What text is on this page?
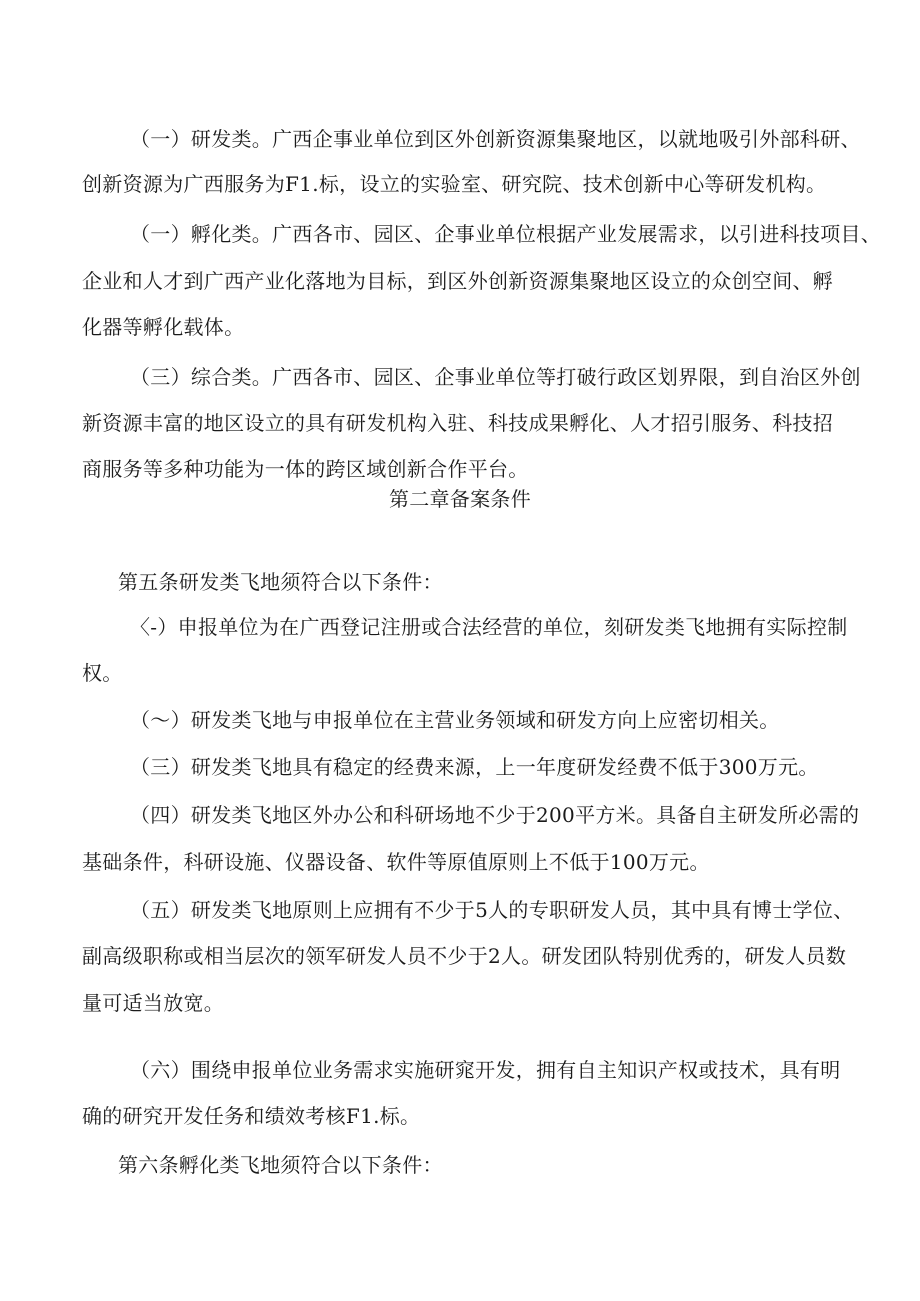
（一）研发类。广西企事业单位到区外创新资源集聚地区，以就地吸引外部科研、
创新资源为广西服务为F1.标，设立的实验室、研究院、技术创新中心等研发机构。
（一）孵化类。广西各市、园区、企事业单位根据产业发展需求，以引进科技项目、
企业和人才到广西产业化落地为目标，到区外创新资源集聚地区设立的众创空间、孵
化器等孵化载体。
（三）综合类。广西各市、园区、企事业单位等打破行政区划界限，到自治区外创
新资源丰富的地区设立的具有研发机构入驻、科技成果孵化、人才招引服务、科技招
商服务等多种功能为一体的跨区域创新合作平台。
第二章备案条件
第五条研发类飞地须符合以下条件：
〈-）申报单位为在广西登记注册或合法经营的单位，刻研发类飞地拥有实际控制
权。
（〜）研发类飞地与申报单位在主营业务领域和研发方向上应密切相关。
（三）研发类飞地具有稳定的经费来源，上一年度研发经费不低于300万元。
（四）研发类飞地区外办公和科研场地不少于200平方米。具备自主研发所必需的
基础条件，科研设施、仪器设备、软件等原值原则上不低于100万元。
（五）研发类飞地原则上应拥有不少于5人的专职研发人员，其中具有博士学位、
副高级职称或相当层次的领军研发人员不少于2人。研发团队特别优秀的，研发人员数
量可适当放宽。
（六）围绕申报单位业务需求实施研窕开发，拥有自主知识产权或技术，具有明
确的研究开发任务和绩效考核F1.标。
第六条孵化类飞地须符合以下条件：
